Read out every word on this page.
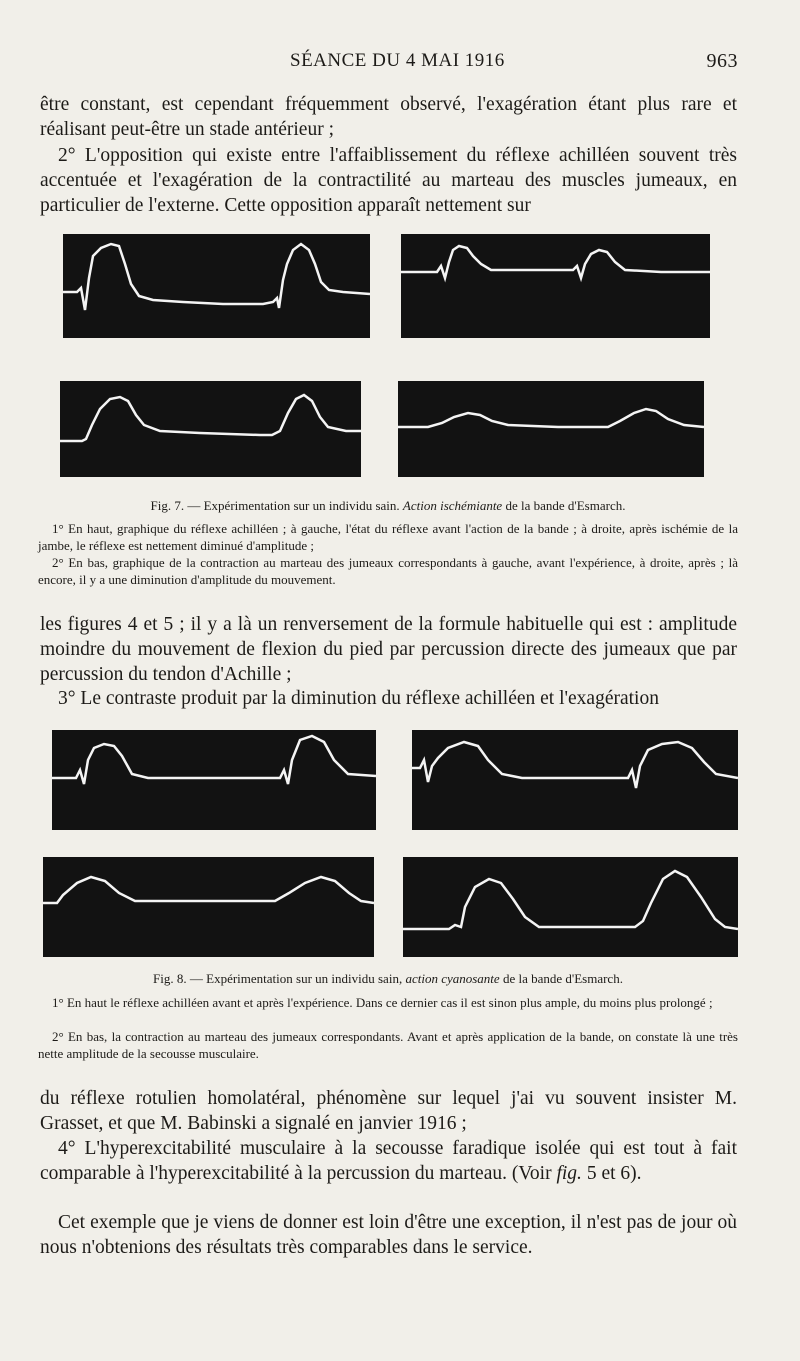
SÉANCE DU 4 MAI 1916	963

être constant, est cependant fréquemment observé, l'exagération étant plus rare et réalisant peut-être un stade antérieur ;

2° L'opposition qui existe entre l'affaiblissement du réflexe achilléen souvent très accentuée et l'exagération de la contractilité au marteau des muscles jumeaux, en particulier de l'externe. Cette opposition apparaît nettement sur

Fig. 7. — Expérimentation sur un individu sain. Action ischémiante de la bande d'Esmarch.

1° En haut, graphique du réflexe achilléen ; à gauche, l'état du réflexe avant l'action de la bande ; à droite, après ischémie de la jambe, le réflexe est nettement diminué d'amplitude ;

2° En bas, graphique de la contraction au marteau des jumeaux correspondants à gauche, avant l'expérience, à droite, après ; là encore, il y a une diminution d'amplitude du mouvement.

les figures 4 et 5 ; il y a là un renversement de la formule habituelle qui est : amplitude moindre du mouvement de flexion du pied par percussion directe des jumeaux que par percussion du tendon d'Achille ;

3° Le contraste produit par la diminution du réflexe achilléen et l'exagération

Fig. 8. — Expérimentation sur un individu sain, action cyanosante de la bande d'Esmarch.

1° En haut le réflexe achilléen avant et après l'expérience. Dans ce dernier cas il est sinon plus ample, du moins plus prolongé ;

2° En bas, la contraction au marteau des jumeaux correspondants. Avant et après application de la bande, on constate là une très nette amplitude de la secousse musculaire.

du réflexe rotulien homolatéral, phénomène sur lequel j'ai vu souvent insister M. Grasset, et que M. Babinski a signalé en janvier 1916 ;

4° L'hyperexcitabilité musculaire à la secousse faradique isolée qui est tout à fait comparable à l'hyperexcitabilité à la percussion du marteau. (Voir fig. 5 et 6).

Cet exemple que je viens de donner est loin d'être une exception, il n'est pas de jour où nous n'obtenions des résultats très comparables dans le service.
